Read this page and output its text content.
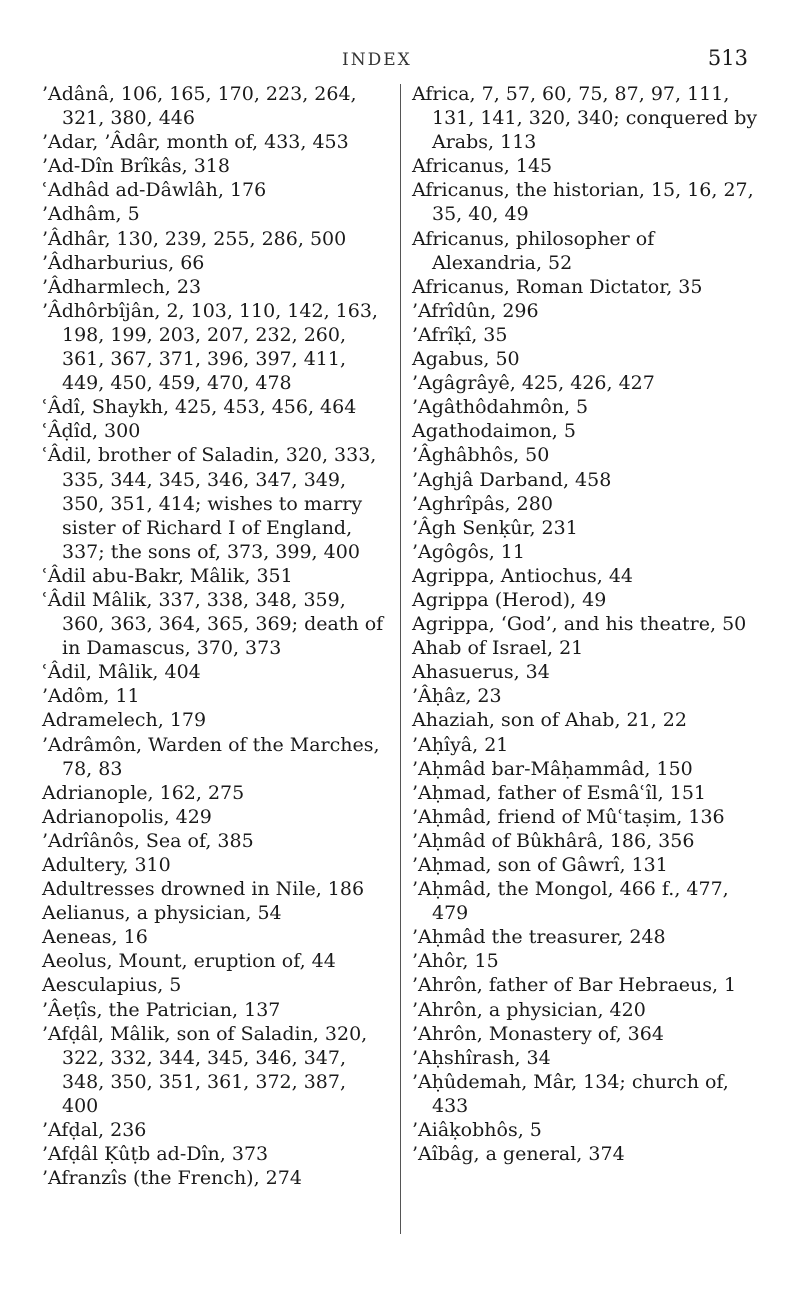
INDEX	513
’Adânâ, 106, 165, 170, 223, 264, 321, 380, 446
’Adar, ’Âdâr, month of, 433, 453
’Ad-Dîn Brîkâs, 318
ʿAdhâd ad-Dâwlâh, 176
’Adhâm, 5
’Âdhâr, 130, 239, 255, 286, 500
’Âdharburius, 66
’Âdharmlech, 23
’Âdhôrbîjân, 2, 103, 110, 142, 163, 198, 199, 203, 207, 232, 260, 361, 367, 371, 396, 397, 411, 449, 450, 459, 470, 478
ʿÂdî, Shaykh, 425, 453, 456, 464
ʿÂḍîd, 300
ʿÂdil, brother of Saladin, 320, 333, 335, 344, 345, 346, 347, 349, 350, 351, 414; wishes to marry sister of Richard I of England, 337; the sons of, 373, 399, 400
ʿÂdil abu-Bakr, Mâlik, 351
ʿÂdil Mâlik, 337, 338, 348, 359, 360, 363, 364, 365, 369; death of in Damascus, 370, 373
ʿÂdil, Mâlik, 404
’Adôm, 11
Adramelech, 179
’Adrâmôn, Warden of the Marches, 78, 83
Adrianople, 162, 275
Adrianopolis, 429
’Adrîânôs, Sea of, 385
Adultery, 310
Adultresses drowned in Nile, 186
Aelianus, a physician, 54
Aeneas, 16
Aeolus, Mount, eruption of, 44
Aesculapius, 5
’Âeṭîs, the Patrician, 137
’Afḍâl, Mâlik, son of Saladin, 320, 322, 332, 344, 345, 346, 347, 348, 350, 351, 361, 372, 387, 400
’Afḍal, 236
’Afḍâl Ḳûṭb ad-Dîn, 373
’Afranzîs (the French), 274
Africa, 7, 57, 60, 75, 87, 97, 111, 131, 141, 320, 340; conquered by Arabs, 113
Africanus, 145
Africanus, the historian, 15, 16, 27, 35, 40, 49
Africanus, philosopher of Alexandria, 52
Africanus, Roman Dictator, 35
’Afrîdûn, 296
’Afrîḳî, 35
Agabus, 50
’Agâgrâyê, 425, 426, 427
’Agâthôdahmôn, 5
Agathodaimon, 5
’Âghâbhôs, 50
’Aghjâ Darband, 458
’Aghrîpâs, 280
’Âgh Senḳûr, 231
’Agôgôs, 11
Agrippa, Antiochus, 44
Agrippa (Herod), 49
Agrippa, ‘God’, and his theatre, 50
Ahab of Israel, 21
Ahasuerus, 34
’Âḥâz, 23
Ahaziah, son of Ahab, 21, 22
’Aḥîyâ, 21
’Aḥmâd bar-Mâḥammâd, 150
’Aḥmad, father of Esmâʿîl, 151
’Aḥmâd, friend of Mûʿtaṣim, 136
’Aḥmâd of Bûkhârâ, 186, 356
’Aḥmad, son of Gâwrî, 131
’Aḥmâd, the Mongol, 466 f., 477, 479
’Aḥmâd the treasurer, 248
’Ahôr, 15
’Ahrôn, father of Bar Hebraeus, 1
’Ahrôn, a physician, 420
’Ahrôn, Monastery of, 364
’Aḥshîrash, 34
’Aḥûdemah, Mâr, 134; church of, 433
’Aiâḳobhôs, 5
’Aîbâg, a general, 374
